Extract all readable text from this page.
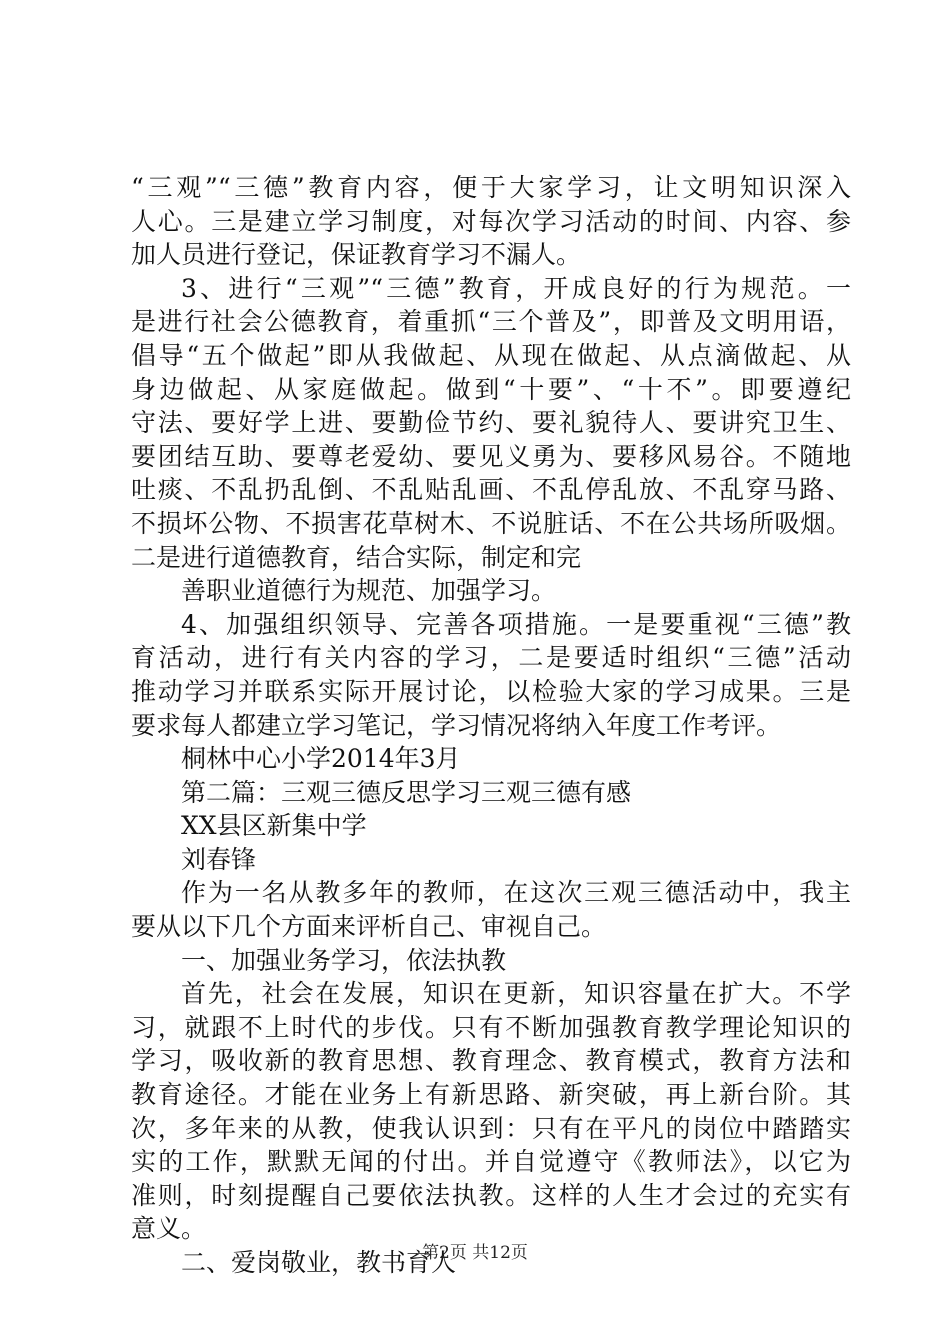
“三观”“三德”教育内容，便于大家学习，让文明知识深入
人心。三是建立学习制度，对每次学习活动的时间、内容、参
加人员进行登记，保证教育学习不漏人。
3、进行“三观”“三德”教育，开成良好的行为规范。一
是进行社会公德教育，着重抓“三个普及”，即普及文明用语，
倡导“五个做起”即从我做起、从现在做起、从点滴做起、从
身边做起、从家庭做起。做到“十要”、“十不”。即要遵纪
守法、要好学上进、要勤俭节约、要礼貌待人、要讲究卫生、
要团结互助、要尊老爱幼、要见义勇为、要移风易谷。不随地
吐痰、不乱扔乱倒、不乱贴乱画、不乱停乱放、不乱穿马路、
不损坏公物、不损害花草树木、不说脏话、不在公共场所吸烟。
二是进行道德教育，结合实际，制定和完
善职业道德行为规范、加强学习。
4、加强组织领导、完善各项措施。一是要重视“三德”教
育活动，进行有关内容的学习，二是要适时组织“三德”活动
推动学习并联系实际开展讨论，以检验大家的学习成果。三是
要求每人都建立学习笔记，学习情况将纳入年度工作考评。
桐林中心小学2014年3月
第二篇：三观三德反思学习三观三德有感
XX县区新集中学
刘春锋
作为一名从教多年的教师，在这次三观三德活动中，我主
要从以下几个方面来评析自己、审视自己。
一、加强业务学习，依法执教
首先，社会在发展，知识在更新，知识容量在扩大。不学
习，就跟不上时代的步伐。只有不断加强教育教学理论知识的
学习，吸收新的教育思想、教育理念、教育模式，教育方法和
教育途径。才能在业务上有新思路、新突破，再上新台阶。其
次，多年来的从教，使我认识到：只有在平凡的岗位中踏踏实
实的工作，默默无闻的付出。并自觉遵守《教师法》，以它为
准则，时刻提醒自己要依法执教。这样的人生才会过的充实有
意义。
二、爱岗敬业，教书育人
第2页 共12页
